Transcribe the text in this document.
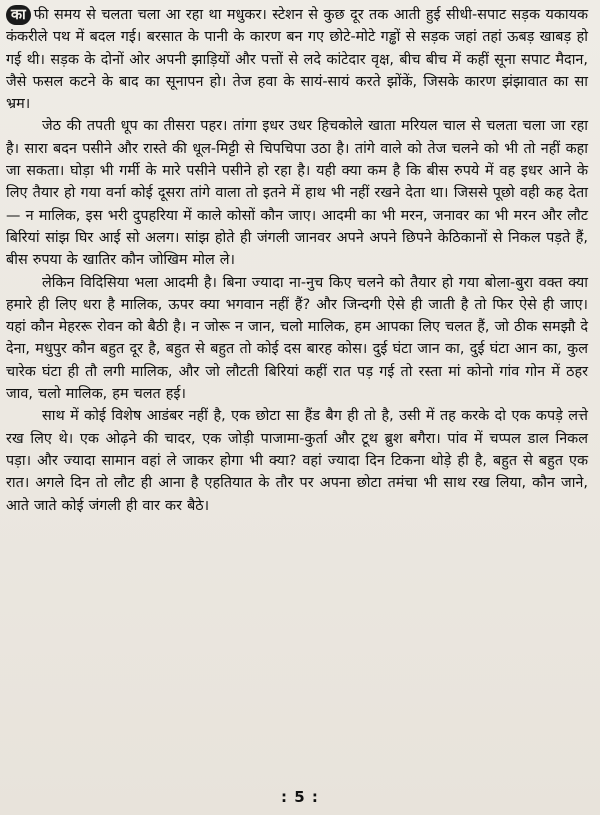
का फी समय से चलता चला आ रहा था मधुकर। स्टेशन से कुछ दूर तक आती हुई सीधी-सपाट सड़क यकायक कंकरीले पथ में बदल गई। बरसात के पानी के कारण बन गए छोटे-मोटे गड्ढों से सड़क जहां तहां ऊबड़ खाबड़ हो गई थी। सड़क के दोनों ओर अपनी झाड़ियों और पत्तों से लदे कांटेदार वृक्ष, बीच बीच में कहीं सूना सपाट मैदान, जैसे फसल कटने के बाद का सूनापन हो। तेज हवा के सायं-सायं करते झोंकें, जिसके कारण झंझावात का सा भ्रम।

जेठ की तपती धूप का तीसरा पहर। तांगा इधर उधर हिचकोले खाता मरियल चाल से चलता चला जा रहा है। सारा बदन पसीने और रास्ते की धूल-मिट्टी से चिपचिपा उठा है। तांगे वाले को तेज चलने को भी तो नहीं कहा जा सकता। घोड़ा भी गर्मी के मारे पसीने पसीने हो रहा है। यही क्या कम है कि बीस रुपये में वह इधर आने के लिए तैयार हो गया वर्ना कोई दूसरा तांगे वाला तो इतने में हाथ भी नहीं रखने देता था। जिससे पूछो वही कह देता— न मालिक, इस भरी दुपहरिया में काले कोसों कौन जाए। आदमी का भी मरन, जनावर का भी मरन और लौट बिरियां सांझ घिर आई सो अलग। सांझ होते ही जंगली जानवर अपने अपने छिपने केठिकानों से निकल पड़ते हैं, बीस रुपया के खातिर कौन जोखिम मोल ले।

लेकिन विदिसिया भला आदमी है। बिना ज्यादा ना-नुच किए चलने को तैयार हो गया बोला-बुरा वक्त क्या हमारे ही लिए धरा है मालिक, ऊपर क्या भगवान नहीं हैं? और जिन्दगी ऐसे ही जाती है तो फिर ऐसे ही जाए। यहां कौन मेहररू रोवन को बैठी है। न जोरू न जान, चलो मालिक, हम आपका लिए चलत हैं, जो ठीक समझौ दे देना, मधुपुर कौन बहुत दूर है, बहुत से बहुत तो कोई दस बारह कोस। दुई घंटा जान का, दुई घंटा आन का, कुल चारेक घंटा ही तौ लगी मालिक, और जो लौटती बिरियां कहीं रात पड़ गई तो रस्ता मां कोनो गांव गोन में ठहर जाव, चलो मालिक, हम चलत हई।

साथ में कोई विशेष आडंबर नहीं है, एक छोटा सा हैंड बैग ही तो है, उसी में तह करके दो एक कपड़े लत्ते रख लिए थे। एक ओढ़ने की चादर, एक जोड़ी पाजामा-कुर्ता और टूथ ब्रुश बगैरा। पांव में चप्पल डाल निकल पड़ा। और ज्यादा सामान वहां ले जाकर होगा भी क्या? वहां ज्यादा दिन टिकना थोड़े ही है, बहुत से बहुत एक रात। अगले दिन तो लौट ही आना है एहतियात के तौर पर अपना छोटा तमंचा भी साथ रख लिया, कौन जाने, आते जाते कोई जंगली ही वार कर बैठे।

: 5 :
